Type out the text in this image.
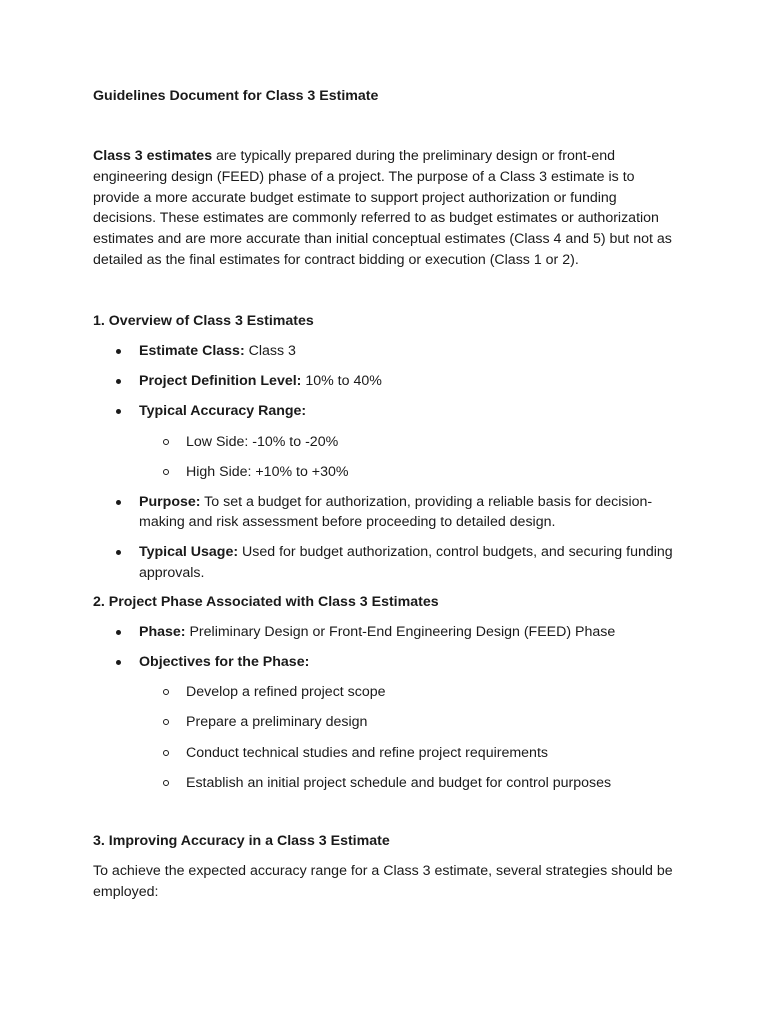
Guidelines Document for Class 3 Estimate

Class 3 estimates are typically prepared during the preliminary design or front-end engineering design (FEED) phase of a project. The purpose of a Class 3 estimate is to provide a more accurate budget estimate to support project authorization or funding decisions. These estimates are commonly referred to as budget estimates or authorization estimates and are more accurate than initial conceptual estimates (Class 4 and 5) but not as detailed as the final estimates for contract bidding or execution (Class 1 or 2).

1. Overview of Class 3 Estimates

Estimate Class: Class 3
Project Definition Level: 10% to 40%
Typical Accuracy Range:
Low Side: -10% to -20%
High Side: +10% to +30%
Purpose: To set a budget for authorization, providing a reliable basis for decision-making and risk assessment before proceeding to detailed design.
Typical Usage: Used for budget authorization, control budgets, and securing funding approvals.

2. Project Phase Associated with Class 3 Estimates

Phase: Preliminary Design or Front-End Engineering Design (FEED) Phase
Objectives for the Phase:
Develop a refined project scope
Prepare a preliminary design
Conduct technical studies and refine project requirements
Establish an initial project schedule and budget for control purposes

3. Improving Accuracy in a Class 3 Estimate

To achieve the expected accuracy range for a Class 3 estimate, several strategies should be employed:
